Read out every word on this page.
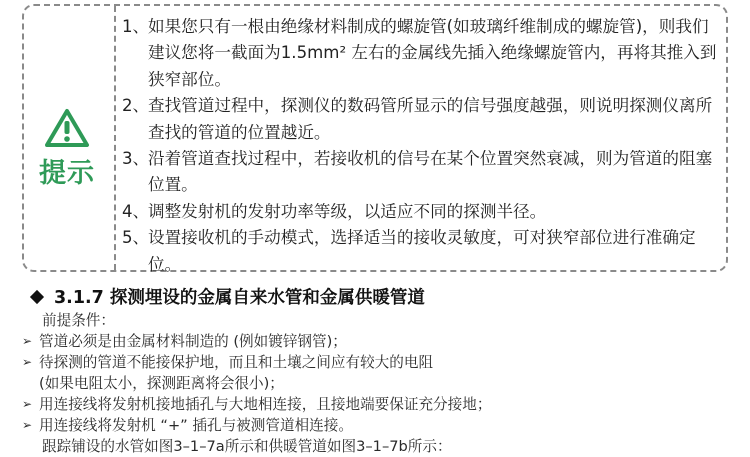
提示
1、
如果您只有一根由绝缘材料制成的螺旋管(如玻璃纤维制成的螺旋管)，则我们建议您将一截面为1.5mm² 左右的金属线先插入绝缘螺旋管内，再将其推入到狭窄部位。
2、
查找管道过程中，探测仪的数码管所显示的信号强度越强，则说明探测仪离所查找的管道的位置越近。
3、
沿着管道查找过程中，若接收机的信号在某个位置突然衰减，则为管道的阻塞位置。
4、
调整发射机的发射功率等级，以适应不同的探测半径。
5、
设置接收机的手动模式，选择适当的接收灵敏度，可对狭窄部位进行准确定位。
3.1.7 探测埋设的金属自来水管和金属供暖管道
前提条件：
➢ 管道必须是由金属材料制造的 (例如镀锌钢管)；
➢ 待探测的管道不能接保护地，而且和土壤之间应有较大的电阻
(如果电阻太小，探测距离将会很小)；
➢ 用连接线将发射机接地插孔与大地相连接，且接地端要保证充分接地；
➢ 用连接线将发射机 “+” 插孔与被测管道相连接。
跟踪铺设的水管如图3–1–7a所示和供暖管道如图3–1–7b所示：
